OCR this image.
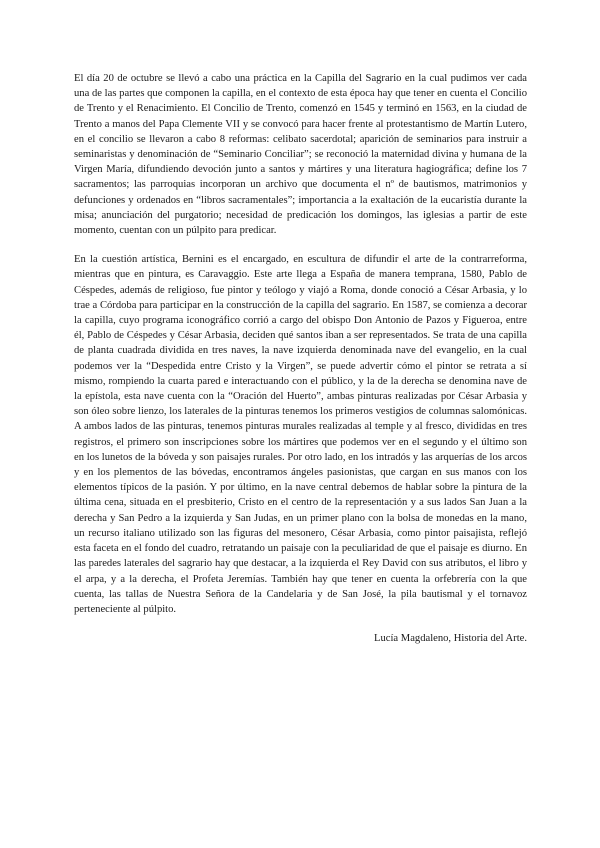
El día 20 de octubre se llevó a cabo una práctica en la Capilla del Sagrario en la cual pudimos ver cada una de las partes que componen la capilla, en el contexto de esta época hay que tener en cuenta el Concilio de Trento y el Renacimiento. El Concilio de Trento, comenzó en 1545 y terminó en 1563, en la ciudad de Trento a manos del Papa Clemente VII y se convocó para hacer frente al protestantismo de Martín Lutero, en el concilio se llevaron a cabo 8 reformas: celibato sacerdotal; aparición de seminarios para instruir a seminaristas y denominación de “Seminario Conciliar”; se reconoció la maternidad divina y humana de la Virgen María, difundiendo devoción junto a santos y mártires y una literatura hagiográfica; define los 7 sacramentos; las parroquias incorporan un archivo que documenta el nº de bautismos, matrimonios y defunciones y ordenados en “libros sacramentales”; importancia a la exaltación de la eucaristía durante la misa; anunciación del purgatorio; necesidad de predicación los domingos, las iglesias a partir de este momento, cuentan con un púlpito para predicar.

En la cuestión artística, Bernini es el encargado, en escultura de difundir el arte de la contrarreforma, mientras que en pintura, es Caravaggio. Este arte llega a España de manera temprana, 1580, Pablo de Céspedes, además de religioso, fue pintor y teólogo y viajó a Roma, donde conoció a César Arbasia, y lo trae a Córdoba para participar en la construcción de la capilla del sagrario. En 1587, se comienza a decorar la capilla, cuyo programa iconográfico corrió a cargo del obispo Don Antonio de Pazos y Figueroa, entre él, Pablo de Céspedes y César Arbasia, deciden qué santos iban a ser representados. Se trata de una capilla de planta cuadrada dividida en tres naves, la nave izquierda denominada nave del evangelio, en la cual podemos ver la “Despedida entre Cristo y la Virgen”, se puede advertir cómo el pintor se retrata a sí mismo, rompiendo la cuarta pared e interactuando con el público, y la de la derecha se denomina nave de la epístola, esta nave cuenta con la “Oración del Huerto”, ambas pinturas realizadas por César Arbasia y son óleo sobre lienzo, los laterales de la pinturas tenemos los primeros vestigios de columnas salomónicas. A ambos lados de las pinturas, tenemos pinturas murales realizadas al temple y al fresco, divididas en tres registros, el primero son inscripciones sobre los mártires que podemos ver en el segundo y el último son en los lunetos de la bóveda y son paisajes rurales. Por otro lado, en los intradós y las arquerías de los arcos y en los plementos de las bóvedas, encontramos ángeles pasionistas, que cargan en sus manos con los elementos típicos de la pasión. Y por último, en la nave central debemos de hablar sobre la pintura de la última cena, situada en el presbiterio, Cristo en el centro de la representación y a sus lados San Juan a la derecha y San Pedro a la izquierda y San Judas, en un primer plano con la bolsa de monedas en la mano, un recurso italiano utilizado son las figuras del mesonero, César Arbasia, como pintor paisajista, reflejó esta faceta en el fondo del cuadro, retratando un paisaje con la peculiaridad de que el paisaje es diurno. En las paredes laterales del sagrario hay que destacar, a la izquierda el Rey David con sus atributos, el libro y el arpa, y a la derecha, el Profeta Jeremías. También hay que tener en cuenta la orfebrería con la que cuenta, las tallas de Nuestra Señora de la Candelaria y de San José, la pila bautismal y el tornavoz perteneciente al púlpito.

Lucía Magdaleno, Historia del Arte.
